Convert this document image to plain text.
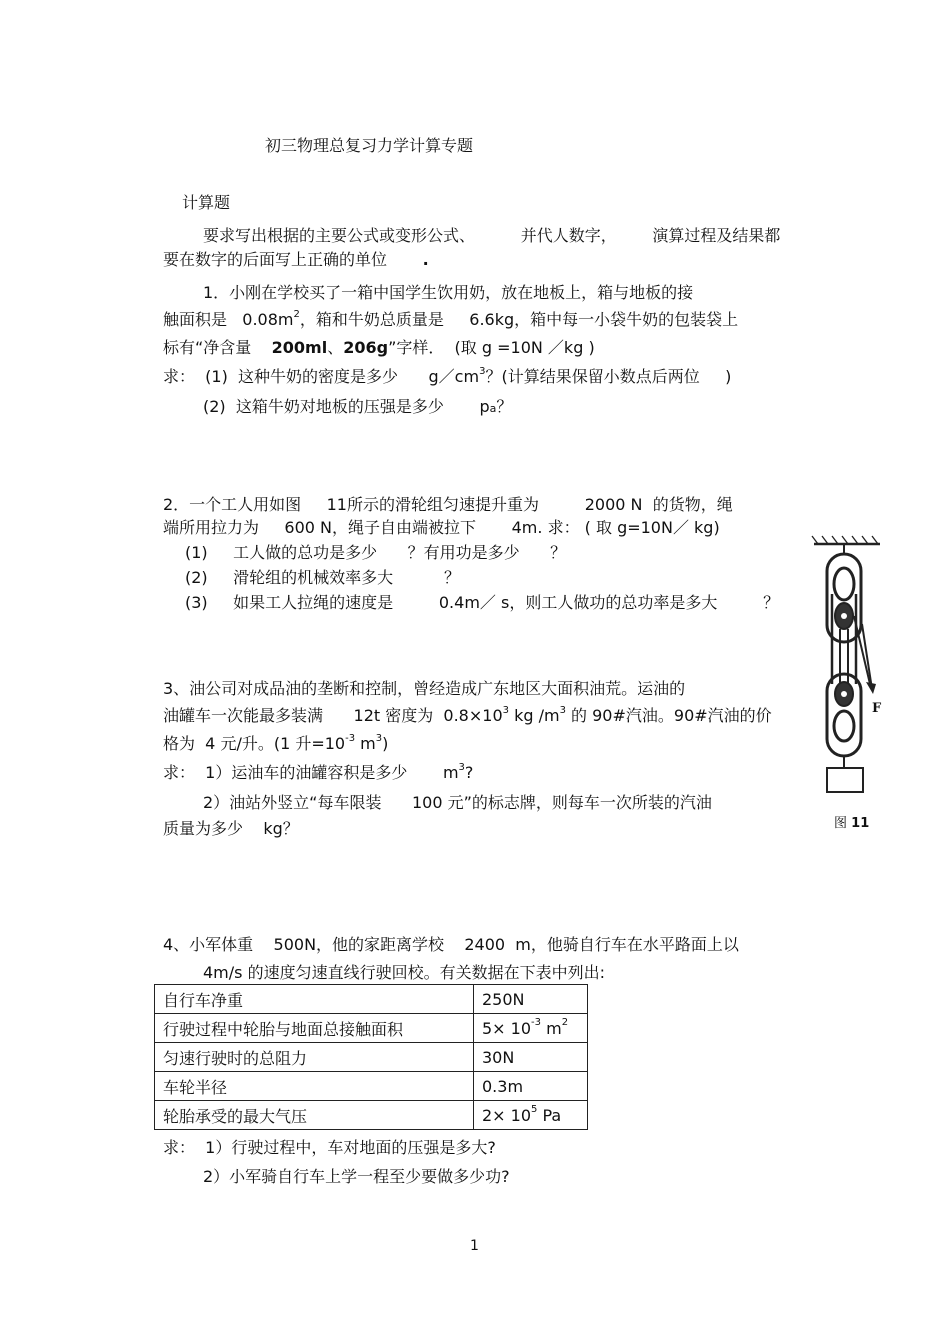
初三物理总复习力学计算专题
计算题
要求写出根据的主要公式或变形公式、	并代人数字， 演算过程及结果都
要在数字的后面写上正确的单位 .
1．小刚在学校买了一箱中国学生饮用奶，放在地板上，箱与地板的接
触面积是   $0.08m^2$，箱和牛奶总质量是     6.6kg，箱中每一小袋牛奶的包装袋上
标有“净含量    200ml、206g”字样．  (取 g =10N ／kg )
求：  (1)  这种牛奶的密度是多少      $g/cm^3$？(计算结果保留小数点后两位     )
(2)  这箱牛奶对地板的压强是多少       pa？
2．一个工人用如图     11所示的滑轮组匀速提升重为         2000 N  的货物，绳
端所用拉力为     600 N，绳子自由端被拉下       4m. 求： ( 取 g=10N／ kg)
(1)     工人做的总功是多少      ？有用功是多少      ？
(2)     滑轮组的机械效率多大          ？
(3)     如果工人拉绳的速度是         0.4m／ s，则工人做功的总功率是多大         ？
3、油公司对成品油的垄断和控制，曾经造成广东地区大面积油荒。运油的
油罐车一次能最多装满      12t 密度为  $0.8\times 10^3$ kg $/m^3$ 的 90#汽油。90#汽油的价
格为  4 元/升。(1 升$=10^{-3}$ $m^3$)
求：  1）运油车的油罐容积是多少       $m^3$?
2）油站外竖立“每车限装      100 元”的标志牌，则每车一次所装的汽油
质量为多少    kg？
4、小军体重    500N，他的家距离学校    2400  m，他骑自行车在水平路面上以
4m/s 的速度匀速直线行驶回校。有关数据在下表中列出:
自行车净重	250N
行驶过程中轮胎与地面总接触面积	$5\times 10^{-3}$ $m^2$
匀速行驶时的总阻力	30N
车轮半径	0.3m
轮胎承受的最大气压	$2\times 10^5$ Pa
求：  1）行驶过程中，车对地面的压强是多大?
2）小军骑自行车上学一程至少要做多少功?
F
图 11
1
